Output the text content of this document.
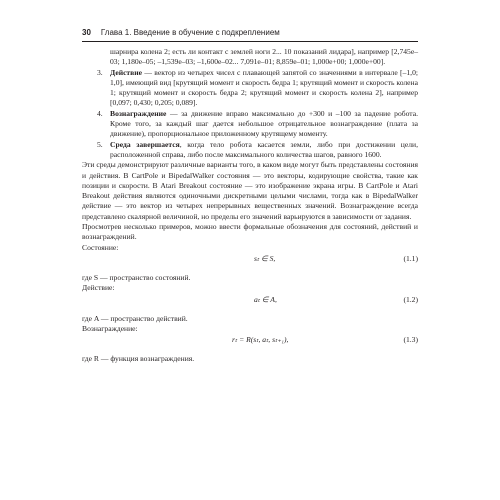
30 Глава 1. Введение в обучение с подкреплением

шарнира колена 2; есть ли контакт с землей ноги 2... 10 показаний лидара], например [2,745e–03; 1,180e–05; –1,539e–03; –1,600e–02... 7,091e–01; 8,859e–01; 1,000e+00; 1,000e+00].

3. Действие — вектор из четырех чисел с плавающей запятой со значениями в интервале [–1,0; 1,0], имеющий вид [крутящий момент и скорость бедра 1; крутящий момент и скорость колена 1; крутящий момент и скорость бедра 2; крутящий момент и скорость колена 2], например [0,097; 0,430; 0,205; 0,089].

4. Вознаграждение — за движение вправо максимально до +300 и –100 за падение робота. Кроме того, за каждый шаг дается небольшое отрицательное вознаграждение (плата за движение), пропорциональное приложенному крутящему моменту.

5. Среда завершается, когда тело робота касается земли, либо при достижении цели, расположенной справа, либо после максимального количества шагов, равного 1600.

Эти среды демонстрируют различные варианты того, в каком виде могут быть представлены состояния и действия. В CartPole и BipedalWalker состояния — это векторы, кодирующие свойства, такие как позиции и скорости. В Atari Breakout состояние — это изображение экрана игры. В CartPole и Atari Breakout действия являются одиночными дискретными целыми числами, тогда как в BipedalWalker действие — это вектор из четырех непрерывных вещественных значений. Вознаграждение всегда представлено скалярной величиной, но пределы его значений варьируются в зависимости от задания.

Просмотрев несколько примеров, можно ввести формальные обозначения для состояний, действий и вознаграждений.

Состояние:

sₜ ∈ S,	(1.1)

где S — пространство состояний.

Действие:

aₜ ∈ A,	(1.2)

где A — пространство действий.

Вознаграждение:

rₜ = R(sₜ, aₜ, sₜ₊₁),	(1.3)

где R — функция вознаграждения.
